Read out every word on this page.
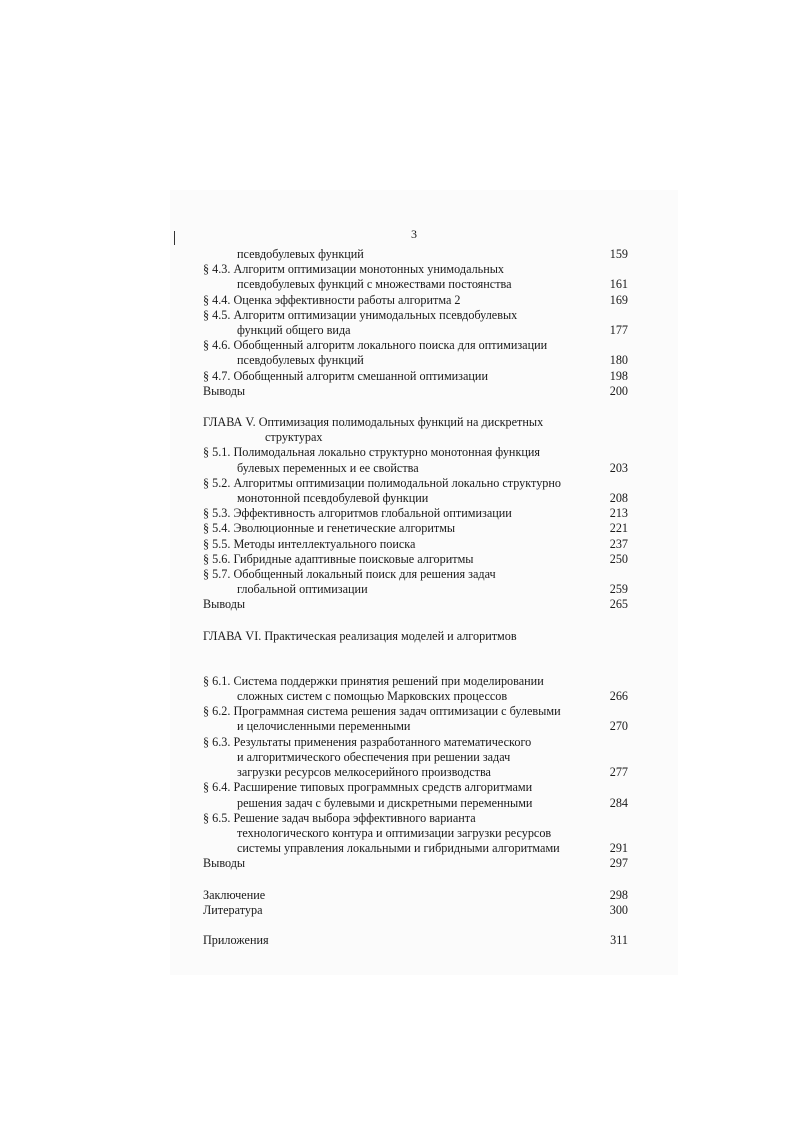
3
псевдобулевых функций	159
§ 4.3. Алгоритм оптимизации монотонных унимодальных
псевдобулевых функций с множествами постоянства	161
§ 4.4. Оценка эффективности работы алгоритма 2	169
§ 4.5. Алгоритм оптимизации унимодальных псевдобулевых
функций общего вида	177
§ 4.6. Обобщенный алгоритм локального поиска для оптимизации
псевдобулевых функций	180
§ 4.7. Обобщенный алгоритм смешанной оптимизации	198
Выводы	200
ГЛАВА V. Оптимизация полимодальных функций на дискретных
структурах
§ 5.1. Полимодальная локально структурно монотонная функция
булевых переменных и ее свойства	203
§ 5.2. Алгоритмы оптимизации полимодальной локально структурно
монотонной псевдобулевой функции	208
§ 5.3. Эффективность алгоритмов глобальной оптимизации	213
§ 5.4. Эволюционные и генетические алгоритмы	221
§ 5.5. Методы интеллектуального поиска	237
§ 5.6. Гибридные адаптивные поисковые алгоритмы	250
§ 5.7. Обобщенный локальный поиск для решения задач
глобальной оптимизации	259
Выводы	265
ГЛАВА VI. Практическая реализация моделей и алгоритмов
§ 6.1. Система поддержки принятия решений при моделировании
сложных систем с помощью Марковских процессов	266
§ 6.2. Программная система решения задач оптимизации с булевыми
и целочисленными переменными	270
§ 6.3. Результаты применения разработанного математического
и алгоритмического обеспечения при решении задач
загрузки ресурсов мелкосерийного производства	277
§ 6.4. Расширение типовых программных средств алгоритмами
решения задач с булевыми и дискретными переменными	284
§ 6.5. Решение задач выбора эффективного варианта
технологического контура и оптимизации загрузки ресурсов
системы управления локальными и гибридными алгоритмами	291
Выводы	297
Заключение	298
Литература	300
Приложения	311
